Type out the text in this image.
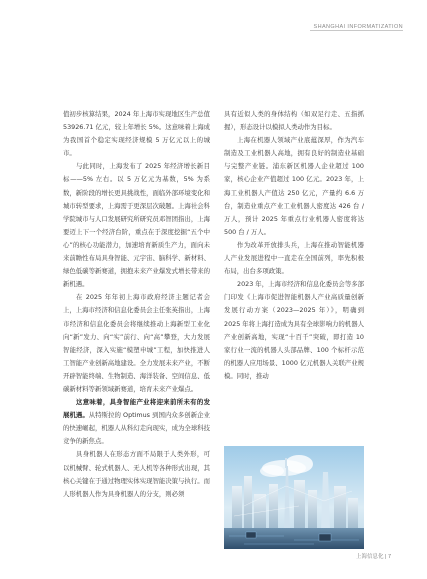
SHANGHAI INFORMATIZATION

值初步核算结果，2024 年上海市实现地区生产总值 53926.71 亿元，较上年增长 5%。这意味着上海成为我国首个稳定实现经济规模 5 万亿元以上的城市。

与此同时，上海发布了 2025 年经济增长新目标——5% 左右。以 5 万亿元为基数，5% 为系数，新阶段的增长更具挑战性，面临外部环境变化和城市转型要求，上海需于更深层次破题。上海社会科学院城市与人口发展研究所研究员邓智团指出，上海要迈上下一个经济台阶，重点在于深度挖掘“五个中心”的核心功能潜力，加速培育新质生产力，面向未来前瞻性布局具身智能、元宇宙、脑科学、新材料、绿色低碳等新赛道，拥抱未来产业爆发式增长带来的新机遇。

在 2025 年年初上海市政府经济主题记者会上，上海市经济和信息化委员会主任张英指出，上海市经济和信息化委员会将继续推动上海新型工业化向“新”发力、向“实”前行、向“高”攀登，大力发展智能经济，深入实施“模塑申城”工程，加快推进人工智能产业创新高地建设。全力发展未来产业，不断开辟智能终端、生物制造、海洋装备、空间信息、低碳新材料等新领域新赛道，培育未来产业爆点。

这意味着，具身智能产业将迎来前所未有的发展机遇。从特斯拉的 Optimus 到国内众多创新企业的快速崛起，机器人从科幻走向现实，成为全球科技竞争的新焦点。

具身机器人在形态方面不局限于人类外形，可以机械臂、轮式机器人、无人机等各种形式出现，其核心关键在于通过物理实体实现智能决策与执行。而人形机器人作为具身机器人的分支，则必须

具有近似人类的身体结构（如双足行走、五指抓握），形态设计以模拟人类动作为目标。

上海在机器人领域产业底蕴深厚，作为汽车制造及工业机器人高地，拥有良好的制造业基础与完整产业链。浦东新区机器人企业超过 100 家，核心企业产值超过 100 亿元。2023 年，上海工业机器人产值达 250 亿元，产量约 6.6 万台，制造业重点产业工业机器人密度达 426 台 / 万人，预计 2025 年重点行业机器人密度将达 500 台 / 万人。

作为改革开放排头兵，上海在推动智能机器人产业发展进程中一直走在全国前列，率先积极布局，出台多项政策。

2023 年，上海市经济和信息化委员会等多部门印发《上海市促进智能机器人产业高质量创新发展行动方案（2023—2025 年）》，明确到 2025 年将上海打造成为具有全球影响力的机器人产业创新高地，实现“十百千”突破，即打造 10 家行业一流的机器人头部品牌、100 个标杆示范的机器人应用场景、1000 亿元机器人关联产业规模。同时，推动

上海信息化 | 7
